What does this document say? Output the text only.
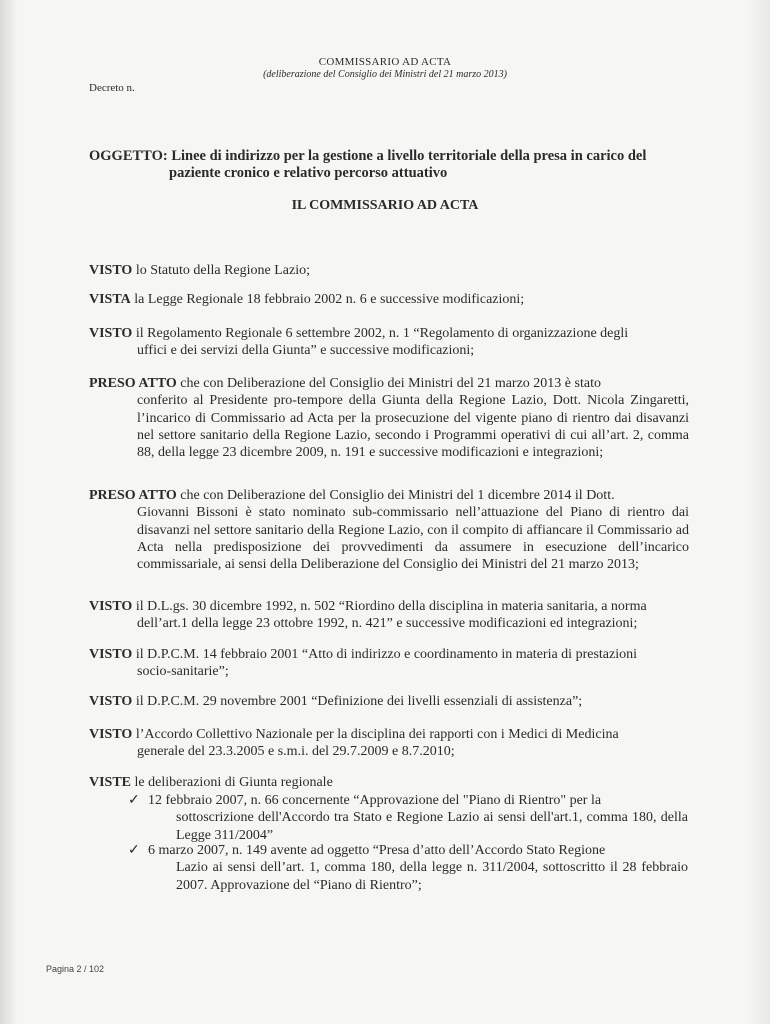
COMMISSARIO AD ACTA
(deliberazione del Consiglio dei Ministri del 21 marzo 2013)
Decreto n.
OGGETTO: Linee di indirizzo per la gestione a livello territoriale della presa in carico del
paziente cronico e relativo percorso attuativo
IL COMMISSARIO AD ACTA
VISTO lo Statuto della Regione Lazio;
VISTA la Legge Regionale 18 febbraio 2002 n. 6 e successive modificazioni;
VISTO il Regolamento Regionale 6 settembre 2002, n. 1 “Regolamento di organizzazione degli
uffici e dei servizi della Giunta” e successive modificazioni;
PRESO ATTO che con Deliberazione del Consiglio dei Ministri del 21 marzo 2013 è stato
conferito al Presidente pro-tempore della Giunta della Regione Lazio, Dott. Nicola Zingaretti, l’incarico di Commissario ad Acta per la prosecuzione del vigente piano di rientro dai disavanzi nel settore sanitario della Regione Lazio, secondo i Programmi operativi di cui all’art. 2, comma 88, della legge 23 dicembre 2009, n. 191 e successive modificazioni e integrazioni;
PRESO ATTO che con Deliberazione del Consiglio dei Ministri del 1 dicembre 2014 il Dott.
Giovanni Bissoni è stato nominato sub-commissario nell’attuazione del Piano di rientro dai disavanzi nel settore sanitario della Regione Lazio, con il compito di affiancare il Commissario ad Acta nella predisposizione dei provvedimenti da assumere in esecuzione dell’incarico commissariale, ai sensi della Deliberazione del Consiglio dei Ministri del 21 marzo 2013;
VISTO il D.L.gs. 30 dicembre 1992, n. 502 “Riordino della disciplina in materia sanitaria, a norma
dell’art.1 della legge 23 ottobre 1992, n. 421” e successive modificazioni ed integrazioni;
VISTO il D.P.C.M. 14 febbraio 2001 “Atto di indirizzo e coordinamento in materia di prestazioni
socio-sanitarie”;
VISTO il D.P.C.M. 29 novembre 2001 “Definizione dei livelli essenziali di assistenza”;
VISTO l’Accordo Collettivo Nazionale per la disciplina dei rapporti con i Medici di Medicina
generale del 23.3.2005 e s.m.i. del 29.7.2009 e 8.7.2010;
VISTE le deliberazioni di Giunta regionale
✓ 12 febbraio 2007, n. 66 concernente “Approvazione del "Piano di Rientro" per la
sottoscrizione dell'Accordo tra Stato e Regione Lazio ai sensi dell'art.1, comma 180, della Legge 311/2004”
✓ 6 marzo 2007, n. 149 avente ad oggetto “Presa d’atto dell’Accordo Stato Regione
Lazio ai sensi dell’art. 1, comma 180, della legge n. 311/2004, sottoscritto il 28 febbraio 2007. Approvazione del “Piano di Rientro”;
Pagina 2 / 102
